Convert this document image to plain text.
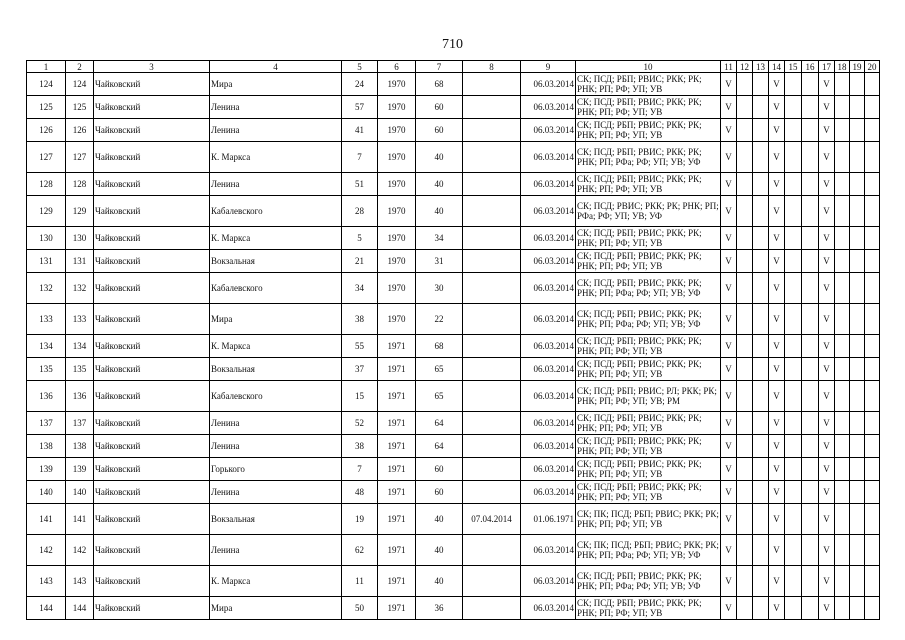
710
1	2	3	4	5	6	7	8	9	10	11	12	13	14	15	16	17	18	19	20
124	124	Чайковский	Мира	24	1970	68		06.03.2014	СК; ПСД; РБП; РВИС; РКК; РК; РНК; РП; РФ; УП; УВ	V			V			V			
125	125	Чайковский	Ленина	57	1970	60		06.03.2014	СК; ПСД; РБП; РВИС; РКК; РК; РНК; РП; РФ; УП; УВ	V			V			V			
126	126	Чайковский	Ленина	41	1970	60		06.03.2014	СК; ПСД; РБП; РВИС; РКК; РК; РНК; РП; РФ; УП; УВ	V			V			V			
127	127	Чайковский	К. Маркса	7	1970	40		06.03.2014	СК; ПСД; РБП; РВИС; РКК; РК; РНК; РП; РФа; РФ; УП; УВ; УФ	V			V			V			
128	128	Чайковский	Ленина	51	1970	40		06.03.2014	СК; ПСД; РБП; РВИС; РКК; РК; РНК; РП; РФ; УП; УВ	V			V			V			
129	129	Чайковский	Кабалевского	28	1970	40		06.03.2014	СК; ПСД; РВИС; РКК; РК; РНК; РП; РФа; РФ; УП; УВ; УФ	V			V			V			
130	130	Чайковский	К. Маркса	5	1970	34		06.03.2014	СК; ПСД; РБП; РВИС; РКК; РК; РНК; РП; РФ; УП; УВ	V			V			V			
131	131	Чайковский	Вокзальная	21	1970	31		06.03.2014	СК; ПСД; РБП; РВИС; РКК; РК; РНК; РП; РФ; УП; УВ	V			V			V			
132	132	Чайковский	Кабалевского	34	1970	30		06.03.2014	СК; ПСД; РБП; РВИС; РКК; РК; РНК; РП; РФа; РФ; УП; УВ; УФ	V			V			V			
133	133	Чайковский	Мира	38	1970	22		06.03.2014	СК; ПСД; РБП; РВИС; РКК; РК; РНК; РП; РФа; РФ; УП; УВ; УФ	V			V			V			
134	134	Чайковский	К. Маркса	55	1971	68		06.03.2014	СК; ПСД; РБП; РВИС; РКК; РК; РНК; РП; РФ; УП; УВ	V			V			V			
135	135	Чайковский	Вокзальная	37	1971	65		06.03.2014	СК; ПСД; РБП; РВИС; РКК; РК; РНК; РП; РФ; УП; УВ	V			V			V			
136	136	Чайковский	Кабалевского	15	1971	65		06.03.2014	СК; ПСД; РБП; РВИС; РЛ; РКК; РК; РНК; РП; РФ; УП; УВ; РМ	V			V			V			
137	137	Чайковский	Ленина	52	1971	64		06.03.2014	СК; ПСД; РБП; РВИС; РКК; РК; РНК; РП; РФ; УП; УВ	V			V			V			
138	138	Чайковский	Ленина	38	1971	64		06.03.2014	СК; ПСД; РБП; РВИС; РКК; РК; РНК; РП; РФ; УП; УВ	V			V			V			
139	139	Чайковский	Горького	7	1971	60		06.03.2014	СК; ПСД; РБП; РВИС; РКК; РК; РНК; РП; РФ; УП; УВ	V			V			V			
140	140	Чайковский	Ленина	48	1971	60		06.03.2014	СК; ПСД; РБП; РВИС; РКК; РК; РНК; РП; РФ; УП; УВ	V			V			V			
141	141	Чайковский	Вокзальная	19	1971	40	07.04.2014	01.06.1971	СК; ПК; ПСД; РБП; РВИС; РКК; РК; РНК; РП; РФ; УП; УВ	V			V			V			
142	142	Чайковский	Ленина	62	1971	40		06.03.2014	СК; ПК; ПСД; РБП; РВИС; РКК; РК; РНК; РП; РФа; РФ; УП; УВ; УФ	V			V			V			
143	143	Чайковский	К. Маркса	11	1971	40		06.03.2014	СК; ПСД; РБП; РВИС; РКК; РК; РНК; РП; РФа; РФ; УП; УВ; УФ	V			V			V			
144	144	Чайковский	Мира	50	1971	36		06.03.2014	СК; ПСД; РБП; РВИС; РКК; РК; РНК; РП; РФ; УП; УВ	V			V			V			
